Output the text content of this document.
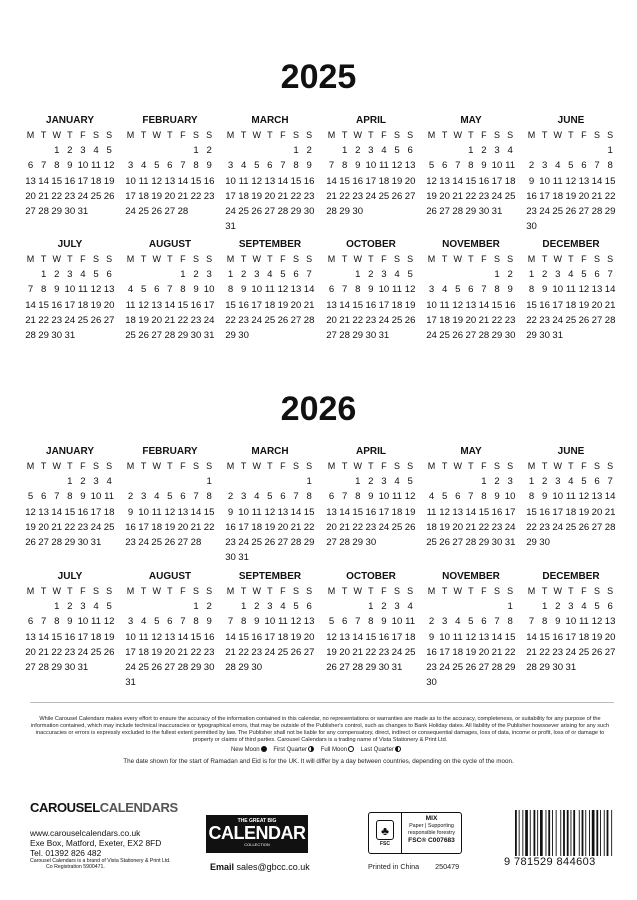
2025
2026
JANUARY
M T W T F S S
1 2 3 4 5
6 7 8 9 10 11 12
13 14 15 16 17 18 19
20 21 22 23 24 25 26
27 28 29 30 31
FEBRUARY
M T W T F S S
1 2
3 4 5 6 7 8 9
10 11 12 13 14 15 16
17 18 19 20 21 22 23
24 25 26 27 28
MARCH
M T W T F S S
1 2
3 4 5 6 7 8 9
10 11 12 13 14 15 16
17 18 19 20 21 22 23
24 25 26 27 28 29 30
31
APRIL
M T W T F S S
1 2 3 4 5 6
7 8 9 10 11 12 13
14 15 16 17 18 19 20
21 22 23 24 25 26 27
28 29 30
MAY
M T W T F S S
1 2 3 4
5 6 7 8 9 10 11
12 13 14 15 16 17 18
19 20 21 22 23 24 25
26 27 28 29 30 31
JUNE
M T W T F S S
1
2 3 4 5 6 7 8
9 10 11 12 13 14 15
16 17 18 19 20 21 22
23 24 25 26 27 28 29
30
JULY
M T W T F S S
1 2 3 4 5 6
7 8 9 10 11 12 13
14 15 16 17 18 19 20
21 22 23 24 25 26 27
28 29 30 31
AUGUST
M T W T F S S
1 2 3
4 5 6 7 8 9 10
11 12 13 14 15 16 17
18 19 20 21 22 23 24
25 26 27 28 29 30 31
SEPTEMBER
M T W T F S S
1 2 3 4 5 6 7
8 9 10 11 12 13 14
15 16 17 18 19 20 21
22 23 24 25 26 27 28
29 30
OCTOBER
M T W T F S S
1 2 3 4 5
6 7 8 9 10 11 12
13 14 15 16 17 18 19
20 21 22 23 24 25 26
27 28 29 30 31
NOVEMBER
M T W T F S S
1 2
3 4 5 6 7 8 9
10 11 12 13 14 15 16
17 18 19 20 21 22 23
24 25 26 27 28 29 30
DECEMBER
M T W T F S S
1 2 3 4 5 6 7
8 9 10 11 12 13 14
15 16 17 18 19 20 21
22 23 24 25 26 27 28
29 30 31
JANUARY
M T W T F S S
1 2 3 4
5 6 7 8 9 10 11
12 13 14 15 16 17 18
19 20 21 22 23 24 25
26 27 28 29 30 31
FEBRUARY
M T W T F S S
1
2 3 4 5 6 7 8
9 10 11 12 13 14 15
16 17 18 19 20 21 22
23 24 25 26 27 28
MARCH
M T W T F S S
1
2 3 4 5 6 7 8
9 10 11 12 13 14 15
16 17 18 19 20 21 22
23 24 25 26 27 28 29
30 31
APRIL
M T W T F S S
1 2 3 4 5
6 7 8 9 10 11 12
13 14 15 16 17 18 19
20 21 22 23 24 25 26
27 28 29 30
MAY
M T W T F S S
1 2 3
4 5 6 7 8 9 10
11 12 13 14 15 16 17
18 19 20 21 22 23 24
25 26 27 28 29 30 31
JUNE
M T W T F S S
1 2 3 4 5 6 7
8 9 10 11 12 13 14
15 16 17 18 19 20 21
22 23 24 25 26 27 28
29 30
JULY
M T W T F S S
1 2 3 4 5
6 7 8 9 10 11 12
13 14 15 16 17 18 19
20 21 22 23 24 25 26
27 28 29 30 31
AUGUST
M T W T F S S
1 2
3 4 5 6 7 8 9
10 11 12 13 14 15 16
17 18 19 20 21 22 23
24 25 26 27 28 29 30
31
SEPTEMBER
M T W T F S S
1 2 3 4 5 6
7 8 9 10 11 12 13
14 15 16 17 18 19 20
21 22 23 24 25 26 27
28 29 30
OCTOBER
M T W T F S S
1 2 3 4
5 6 7 8 9 10 11
12 13 14 15 16 17 18
19 20 21 22 23 24 25
26 27 28 29 30 31
NOVEMBER
M T W T F S S
1
2 3 4 5 6 7 8
9 10 11 12 13 14 15
16 17 18 19 20 21 22
23 24 25 26 27 28 29
30
DECEMBER
M T W T F S S
1 2 3 4 5 6
7 8 9 10 11 12 13
14 15 16 17 18 19 20
21 22 23 24 25 26 27
28 29 30 31
While Carousel Calendars makes every effort to ensure the accuracy of the information contained in this calendar, no representations or warranties are made as to the accuracy, completeness, or suitability for any purpose of the information contained, which may include technical inaccuracies or typographical errors, that may be outside of the Publisher's control, such as changes to Bank Holiday dates. All liability of the Publisher howsoever arising for any such inaccuracies or errors is expressly excluded to the fullest extent permitted by law. The Publisher shall not be liable for any compensatory, direct, indirect or consequential damages, loss of data, income or profit, loss of or damage to property or claims of third parties. Carousel Calendars is a trading name of Vista Stationery & Print Ltd.
New Moon First Quarter Full Moon Last Quarter
The date shown for the start of Ramadan and Eid is for the UK. It will differ by a day between countries, depending on the cycle of the moon.
CAROUSELCALENDARS
www.carouselcalendars.co.uk
Exe Box, Matford, Exeter, EX2 8FD
Tel. 01392 826 482
Carousel Calendars is a brand of Vista Stationery & Print Ltd.
Co Registration 5900471.
THE GREAT BIG
CALENDAR
COLLECTION
Email sales@gbcc.co.uk
♣
FSC
MIX
Paper | Supporting
responsible forestry
FSC® C007683
Printed in China 250479	9 781529 844603
